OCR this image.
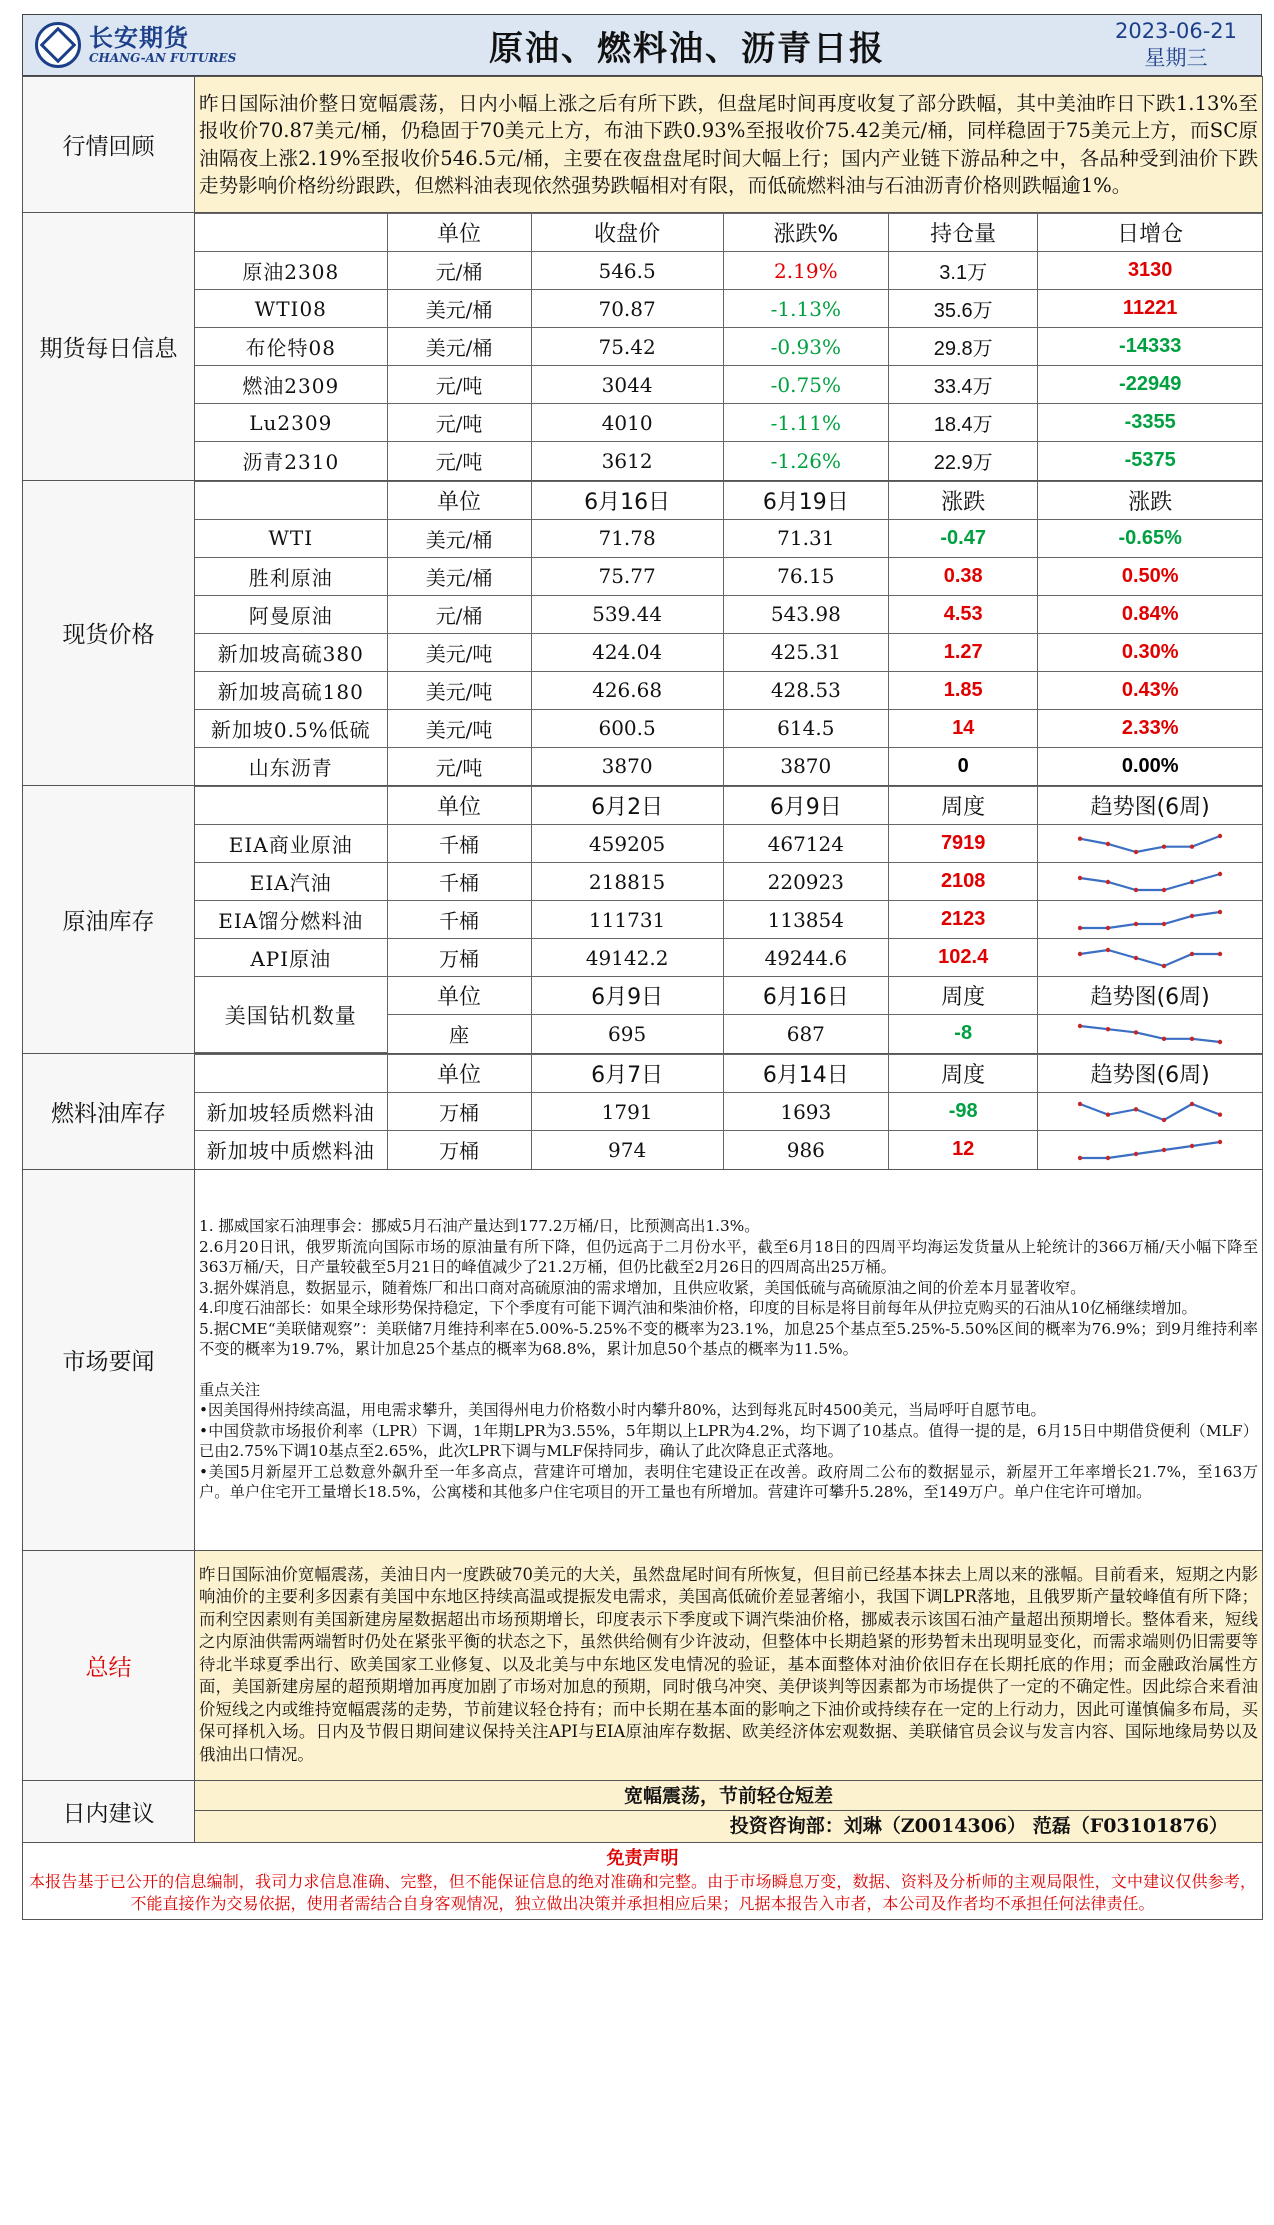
长安期货
CHANG-AN FUTURES	原油、燃料油、沥青日报	2023-06-21
星期三
行情回顾	昨日国际油价整日宽幅震荡，日内小幅上涨之后有所下跌，但盘尾时间再度收复了部分跌幅，其中美油昨日下跌1.13%至报收价70.87美元/桶，仍稳固于70美元上方，布油下跌0.93%至报收价75.42美元/桶，同样稳固于75美元上方，而SC原油隔夜上涨2.19%至报收价546.5元/桶，主要在夜盘盘尾时间大幅上行；国内产业链下游品种之中，各品种受到油价下跌走势影响价格纷纷跟跌，但燃料油表现依然强势跌幅相对有限，而低硫燃料油与石油沥青价格则跌幅逾1%。
期货每日信息	
	单位	收盘价	涨跌%	持仓量	日增仓
原油2308	元/桶	546.5	2.19%	3.1万	3130
WTI08	美元/桶	70.87	-1.13%	35.6万	11221
布伦特08	美元/桶	75.42	-0.93%	29.8万	-14333
燃油2309	元/吨	3044	-0.75%	33.4万	-22949
Lu2309	元/吨	4010	-1.11%	18.4万	-3355
沥青2310	元/吨	3612	-1.26%	22.9万	-5375

现货价格	
	单位	6月16日	6月19日	涨跌	涨跌
WTI	美元/桶	71.78	71.31	-0.47	-0.65%
胜利原油	美元/桶	75.77	76.15	0.38	0.50%
阿曼原油	元/桶	539.44	543.98	4.53	0.84%
新加坡高硫380	美元/吨	424.04	425.31	1.27	0.30%
新加坡高硫180	美元/吨	426.68	428.53	1.85	0.43%
新加坡0.5%低硫	美元/吨	600.5	614.5	14	2.33%
山东沥青	元/吨	3870	3870	0	0.00%

原油库存	
	单位	6月2日	6月9日	周度	趋势图(6周)
EIA商业原油	千桶	459205	467124	7919	

EIA汽油	千桶	218815	220923	2108	

EIA馏分燃料油	千桶	111731	113854	2123	

API原油	万桶	49142.2	49244.6	102.4	

美国钻机数量	单位	6月9日	6月16日	周度	趋势图(6周)
座	695	687	-8	

燃料油库存	
	单位	6月7日	6月14日	周度	趋势图(6周)
新加坡轻质燃料油	万桶	1791	1693	-98	

新加坡中质燃料油	万桶	974	986	12	

市场要闻	

1. 挪威国家石油理事会：挪威5月石油产量达到177.2万桶/日，比预测高出1.3%。

2.6月20日讯，俄罗斯流向国际市场的原油量有所下降，但仍远高于二月份水平，截至6月18日的四周平均海运发货量从上轮统计的366万桶/天小幅下降至363万桶/天，日产量较截至5月21日的峰值减少了21.2万桶，但仍比截至2月26日的四周高出25万桶。

3.据外媒消息，数据显示，随着炼厂和出口商对高硫原油的需求增加，且供应收紧，美国低硫与高硫原油之间的价差本月显著收窄。

4.印度石油部长：如果全球形势保持稳定，下个季度有可能下调汽油和柴油价格，印度的目标是将目前每年从伊拉克购买的石油从10亿桶继续增加。

5.据CME“美联储观察”：美联储7月维持利率在5.00%-5.25%不变的概率为23.1%，加息25个基点至5.25%-5.50%区间的概率为76.9%；到9月维持利率不变的概率为19.7%，累计加息25个基点的概率为68.8%，累计加息50个基点的概率为11.5%。

重点关注

•因美国得州持续高温，用电需求攀升，美国得州电力价格数小时内攀升80%，达到每兆瓦时4500美元，当局呼吁自愿节电。

•中国贷款市场报价利率（LPR）下调，1年期LPR为3.55%，5年期以上LPR为4.2%，均下调了10基点。值得一提的是，6月15日中期借贷便利（MLF）已由2.75%下调10基点至2.65%，此次LPR下调与MLF保持同步，确认了此次降息正式落地。

•美国5月新屋开工总数意外飙升至一年多高点，营建许可增加，表明住宅建设正在改善。政府周二公布的数据显示，新屋开工年率增长21.7%，至163万户。单户住宅开工量增长18.5%，公寓楼和其他多户住宅项目的开工量也有所增加。营建许可攀升5.28%，至149万户。单户住宅许可增加。

总结	昨日国际油价宽幅震荡，美油日内一度跌破70美元的大关，虽然盘尾时间有所恢复，但目前已经基本抹去上周以来的涨幅。目前看来，短期之内影响油价的主要利多因素有美国中东地区持续高温或提振发电需求，美国高低硫价差显著缩小，我国下调LPR落地，且俄罗斯产量较峰值有所下降；而利空因素则有美国新建房屋数据超出市场预期增长，印度表示下季度或下调汽柴油价格，挪威表示该国石油产量超出预期增长。整体看来，短线之内原油供需两端暂时仍处在紧张平衡的状态之下，虽然供给侧有少许波动，但整体中长期趋紧的形势暂未出现明显变化，而需求端则仍旧需要等待北半球夏季出行、欧美国家工业修复、以及北美与中东地区发电情况的验证，基本面整体对油价依旧存在长期托底的作用；而金融政治属性方面，美国新建房屋的超预期增加再度加剧了市场对加息的预期，同时俄乌冲突、美伊谈判等因素都为市场提供了一定的不确定性。因此综合来看油价短线之内或维持宽幅震荡的走势，节前建议轻仓持有；而中长期在基本面的影响之下油价或持续存在一定的上行动力，因此可谨慎偏多布局，买保可择机入场。日内及节假日期间建议保持关注API与EIA原油库存数据、欧美经济体宏观数据、美联储官员会议与发言内容、国际地缘局势以及俄油出口情况。
日内建议	
宽幅震荡，节前轻仓短差
投资咨询部：刘琳（Z0014306） 范磊（F03101876）

免责声明
本报告基于已公开的信息编制，我司力求信息准确、完整，但不能保证信息的绝对准确和完整。由于市场瞬息万变，数据、资料及分析师的主观局限性，文中建议仅供参考，不能直接作为交易依据，使用者需结合自身客观情况，独立做出决策并承担相应后果；凡据本报告入市者，本公司及作者均不承担任何法律责任。
